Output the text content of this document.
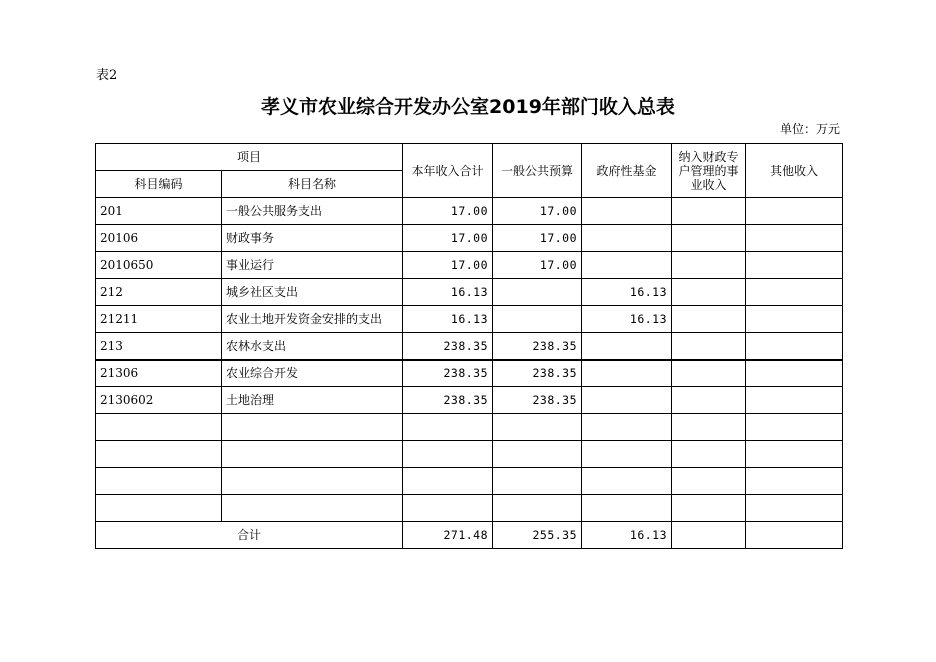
表2
孝义市农业综合开发办公室2019年部门收入总表
单位：万元
项目		本年收入合计	一般公共预算	政府性基金	纳入财政专户管理的事业收入	其他收入
科目编码	科目名称					
201	一般公共服务支出	17.00	17.00			
20106	财政事务	17.00	17.00			
2010650	事业运行	17.00	17.00			
212	城乡社区支出	16.13		16.13		
21211	农业土地开发资金安排的支出	16.13		16.13		
213	农林水支出	238.35	238.35			
21306	农业综合开发	238.35	238.35			
2130602	土地治理	238.35	238.35			

合计		271.48	255.35	16.13		
